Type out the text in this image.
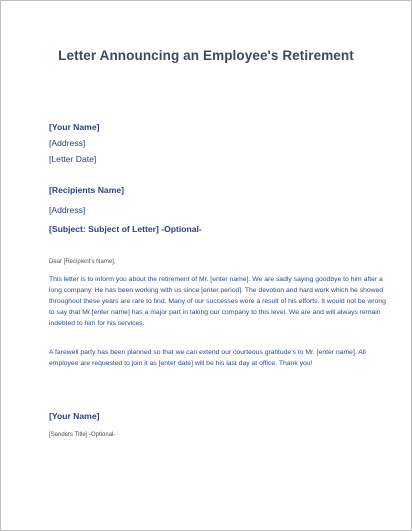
Letter Announcing an Employee's Retirement
[Your Name]
[Address]
[Letter Date]
[Recipients Name]
[Address]
[Subject: Subject of Letter] -Optional-
Dear [Recipient's Name],
This letter is to inform you about the retirement of Mr. [enter name]. We are sadly saying goodbye to him after a long company. He has been working with us since [enter period]. The devotion and hard work which he showed throughout these years are rare to find. Many of our successes were a result of his efforts. It would not be wrong to say that Mr.[enter name] has a major part in taking our company to this level. We are and will always remain indebted to him for his services.
A farewell party has been planned so that we can extend our courteous gratitude's to Mr. [enter name]. All employee are requested to join it as [enter date] will be his last day at office. Thank you!
[Your Name]
[Senders Title] -Optional-
